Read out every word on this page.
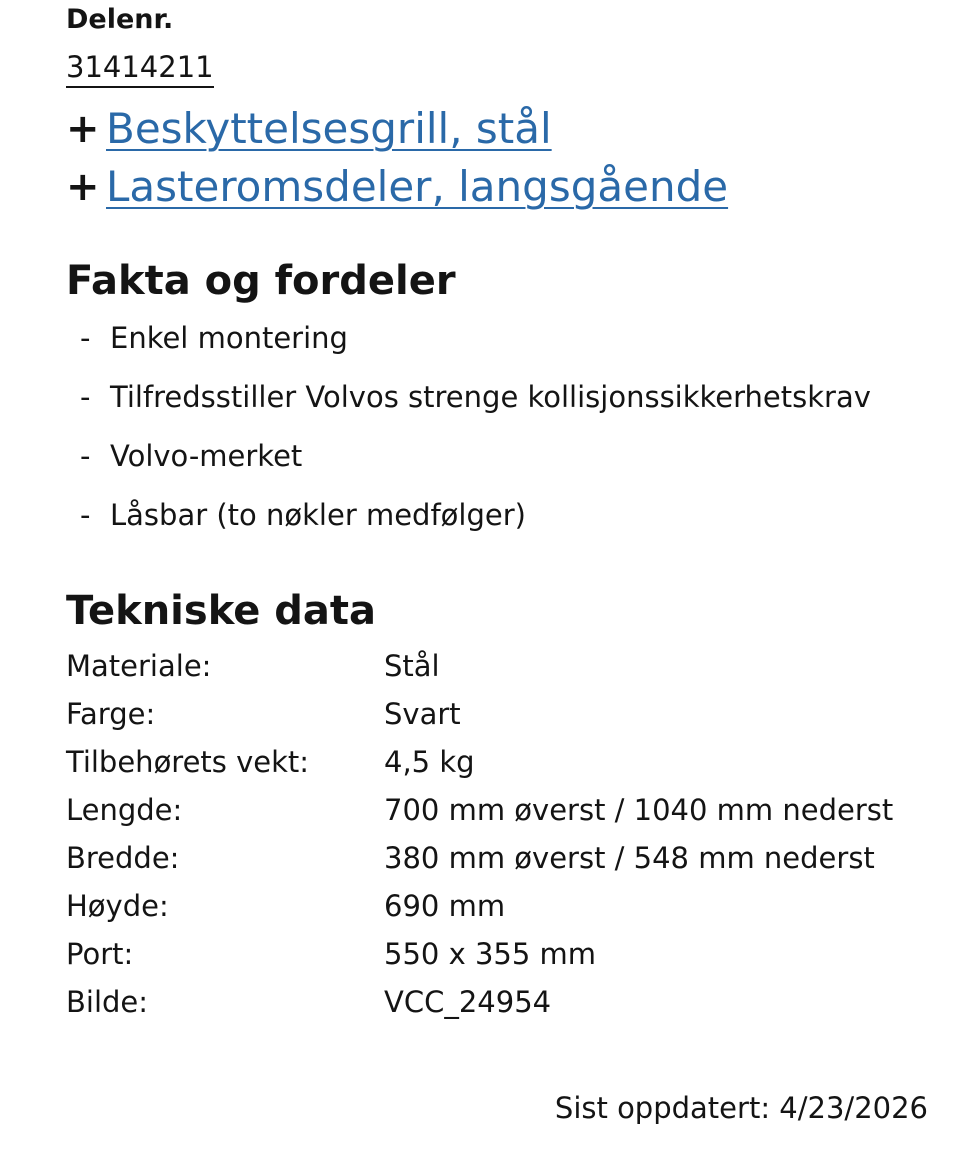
Delenr.
31414211
+ Beskyttelsesgrill, stål
+ Lasteromsdeler, langsgående
Fakta og fordeler
- Enkel montering
- Tilfredsstiller Volvos strenge kollisjonssikkerhetskrav
- Volvo-merket
- Låsbar (to nøkler medfølger)
Tekniske data
Materiale:	Stål
Farge:	Svart
Tilbehørets vekt:	4,5 kg
Lengde:	700 mm øverst / 1040 mm nederst
Bredde:	380 mm øverst / 548 mm nederst
Høyde:	690 mm
Port:	550 x 355 mm
Bilde:	VCC_24954
Sist oppdatert: 4/23/2026
